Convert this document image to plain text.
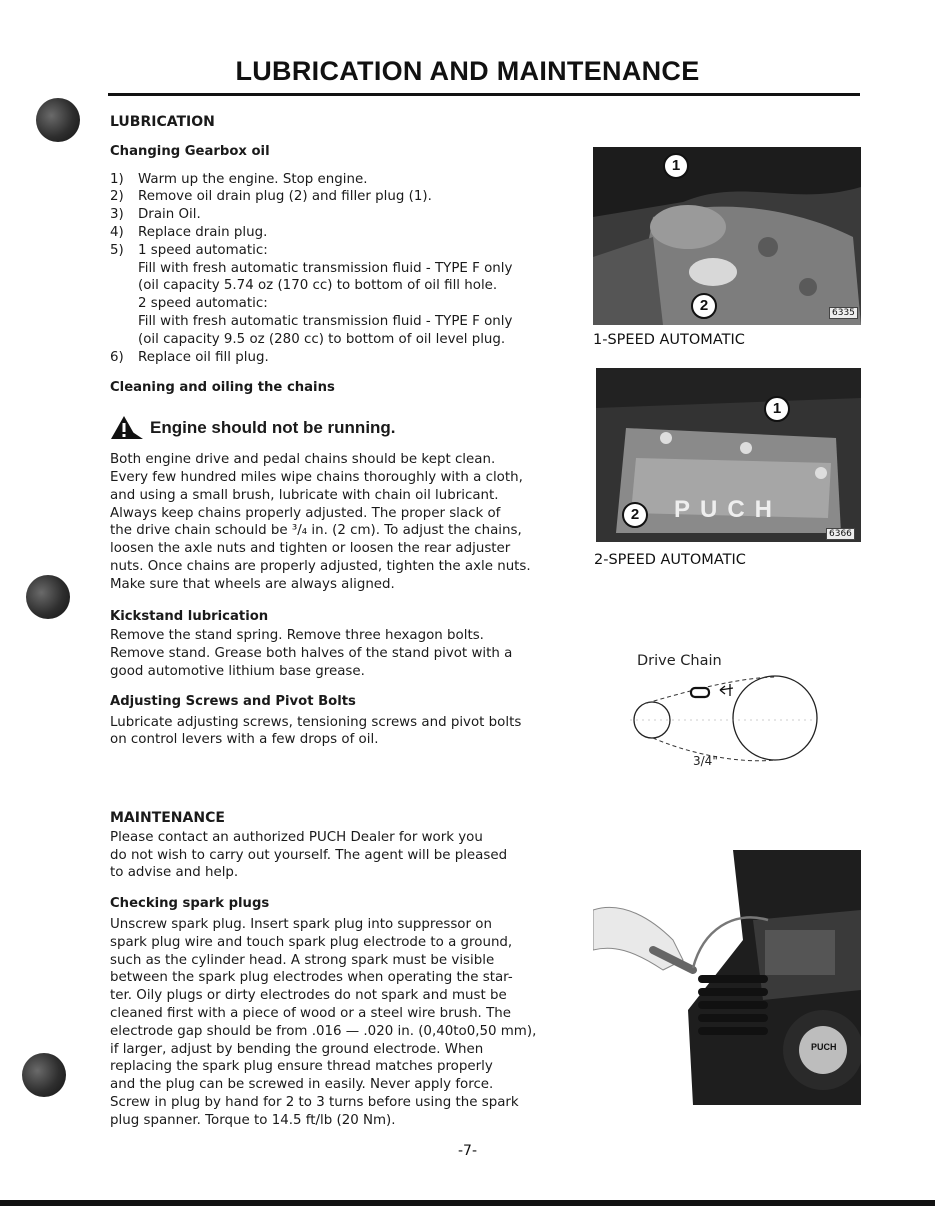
LUBRICATION AND MAINTENANCE
LUBRICATION
Changing Gearbox oil
1) Warm up the engine. Stop engine.
2) Remove oil drain plug (2) and filler plug (1).
3) Drain Oil.
4) Replace drain plug.
5) 1 speed automatic:
Fill with fresh automatic transmission fluid - TYPE F only
(oil capacity 5.74 oz (170 cc) to bottom of oil fill hole.
2 speed automatic:
Fill with fresh automatic transmission fluid - TYPE F only
(oil capacity 9.5 oz (280 cc) to bottom of oil level plug.
6) Replace oil fill plug.
Cleaning and oiling the chains
Engine should not be running.
Both engine drive and pedal chains should be kept clean.
Every few hundred miles wipe chains thoroughly with a cloth,
and using a small brush, lubricate with chain oil lubricant.
Always keep chains properly adjusted. The proper slack of
the drive chain schould be ³/₄ in. (2 cm). To adjust the chains,
loosen the axle nuts and tighten or loosen the rear adjuster
nuts. Once chains are properly adjusted, tighten the axle nuts.
Make sure that wheels are always aligned.
Kickstand lubrication
Remove the stand spring. Remove three hexagon bolts.
Remove stand. Grease both halves of the stand pivot with a
good automotive lithium base grease.
Adjusting Screws and Pivot Bolts
Lubricate adjusting screws, tensioning screws and pivot bolts
on control levers with a few drops of oil.
MAINTENANCE
Please contact an authorized PUCH Dealer for work you
do not wish to carry out yourself. The agent will be pleased
to advise and help.
Checking spark plugs
Unscrew spark plug. Insert spark plug into suppressor on
spark plug wire and touch spark plug electrode to a ground,
such as the cylinder head. A strong spark must be visible
between the spark plug electrodes when operating the star-
ter. Oily plugs or dirty electrodes do not spark and must be
cleaned first with a piece of wood or a steel wire brush. The
electrode gap should be from .016 — .020 in. (0,40to0,50 mm),
if larger, adjust by bending the ground electrode. When
replacing the spark plug ensure thread matches properly
and the plug can be screwed in easily. Never apply force.
Screw in plug by hand for 2 to 3 turns before using the spark
plug spanner. Torque to 14.5 ft/lb (20 Nm).
1
2	6335
1-SPEED AUTOMATIC
PUCH
1
2
6366
2-SPEED AUTOMATIC
Drive Chain
3/4"
PUCH
-7-
